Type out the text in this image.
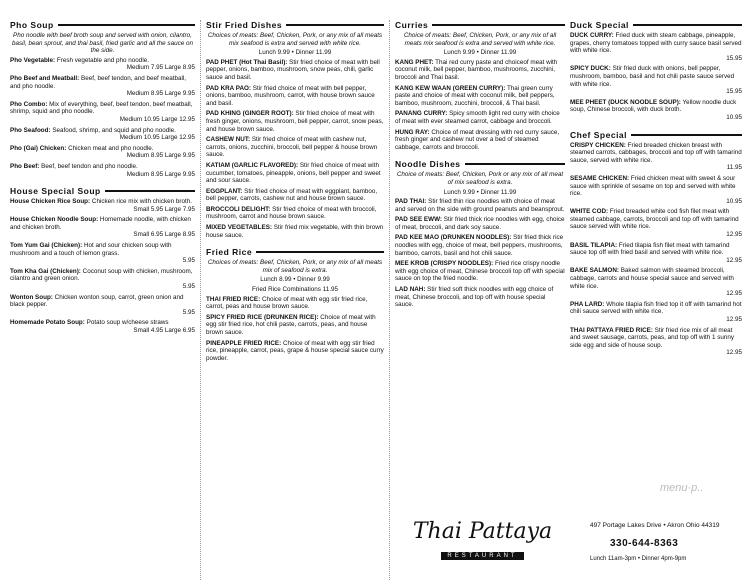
Pho Soup
Pho noodle with beef broth soup and served with onion, cilantro, basil, bean sprout, and thai basil, fried garlic and all the sauce on the side.
Pho Vegetable: Fresh vegetable and pho noodle.
Medium 7.95 Large 8.95
Pho Beef and Meatball: Beef, beef tendon, and beef meatball, and pho noodle.
Medium 8.95 Large 9.95
Pho Combo: Mix of everything, beef, beef tendon, beef meatball, shrimp, squid and pho noodle.
Medium 10.95 Large 12.95
Pho Seafood: Seafood, shrimp, and squid and pho noodle.
Medium 10.95 Large 12.95
Pho (Gai) Chicken: Chicken meat and pho noodle.
Medium 8.95 Large 9.95
Pho Beef: Beef, beef tendon and pho noodle.
Medium 8.95 Large 9.95
House Special Soup
House Chicken Rice Soup: Chicken rice mix with chicken broth.
Small 5.95 Large 7.95
House Chicken Noodle Soup: Homemade noodle, with chicken and chicken broth.
Small 6.95 Large 8.95
Tom Yum Gai (Chicken): Hot and sour chicken soup with mushroom and a touch of lemon grass.
5.95
Tom Kha Gai (Chicken): Coconut soup with chicken, mushroom, cilantro and green onion.
5.95
Wonton Soup: Chicken wonton soup, carrot, green onion and black pepper.
5.95
Homemade Potato Soup: Potato soup w/cheese straws
Small 4.95 Large 6.95
Stir Fried Dishes
Choices of meats: Beef, Chicken, Pork, or any mix of all meats mix seafood is extra and served with white rice.
Lunch 9.99 • Dinner 11.99
PAD PHET (Hot Thai Basil): Stir fried choice of meat with bell pepper, onions, bamboo, mushroom, snow peas, chili, garlic sauce and basil.
PAD KRA PAO: Stir fried choice of meat with bell pepper, onions, bamboo, mushroom, carrot, with house brown sauce and basil.
PAD KHING (GINGER ROOT): Stir fried choice of meat with fresh ginger, onions, mushroom, bell pepper, carrot, snow peas, and house brown sauce.
CASHEW NUT: Stir fried choice of meat with cashew nut, carrots, onions, zucchini, broccoli, bell pepper & house brown sauce.
KATIAM (GARLIC FLAVORED): Stir fried choice of meat with cucumber, tomatoes, pineapple, onions, bell pepper and sweet and sour sauce.
EGGPLANT: Stir fried choice of meat with eggplant, bamboo, bell pepper, carrots, cashew nut and house brown sauce.
BROCCOLI DELIGHT: Stir fried choice of meat with broccoli, mushroom, carrot and house brown sauce.
MIXED VEGETABLES: Stir fried mix vegetable, with thin brown house sauce.
Fried Rice
Choices of meats: Beef, Chicken, Pork, or any mix of all meats mix of seafood is extra.
Lunch 8.99 • Dinner 9.99
Fried Rice Combinations 11.95
THAI FRIED RICE: Choice of meat with egg stir fried rice, carrot, peas and house brown sauce.
SPICY FRIED RICE (DRUNKEN RICE): Choice of meat with egg stir fried rice, hot chili paste, carrots, peas, and house brown sauce.
PINEAPPLE FRIED RICE: Choice of meat with egg stir fried rice, pineapple, carrot, peas, grape & house special sauce curry powder.
Curries
Choice of meats: Beef, Chicken, Pork, or any mix of all meats mix seafood is extra and served with white rice.
Lunch 9.99 • Dinner 11.99
KANG PHET: Thai red curry paste and choiceof meat with coconut milk, bell pepper, bamboo, mushrooms, zucchini, broccoli and Thai basil.
KANG KEW WAAN (GREEN CURRY): Thai green curry paste and choice of meat with coconut milk, bell peppers, bamboo, mushroom, zucchini, broccoli, & Thai basil.
PANANG CURRY: Spicy smooth light red curry with choice of meat with ever steamed carrot, cabbage and broccoli.
HUNG RAY: Choice of meat dressing with red curry sauce, fresh ginger and cashew nut over a bed of steamed cabbage, carrots and broccoli.
Noodle Dishes
Choice of meats: Beef, Chicken, Pork or any mix of all meat of mix seafood is extra.
Lunch 9.99 • Dinner 11.99
PAD THAI: Stir fried thin rice noodles with choice of meat and served on the side with ground peanuts and beansprout.
PAD SEE EWW: Stir fried thick rice noodles with egg, choice of meat, broccoli, and dark soy sauce.
PAD KEE MAO (DRUNKEN NOODLES): Stir fried thick rice noodles with egg, choice of meat, bell peppers, mushrooms, bamboo, carrots, basil and hot chili sauce.
MEE KROB (CRISPY NOODLES): Fried rice crispy noodle with egg choice of meat, Chinese broccoli top off with special sauce on top the fried noodle.
LAD NAH: Stir fried soft thick noodles with egg choice of meat, Chinese broccoli, and top off with house special sauce.
Duck Special
DUCK CURRY: Fried duck with steam cabbage, pineapple, grapes, cherry tomatoes topped with curry sauce basil served with white rice.
15.95
SPICY DUCK: Stir fried duck with onions, bell pepper, mushroom, bamboo, basil and hot chili paste sauce served with white rice.
15.95
MEE PHEET (DUCK NOODLE SOUP): Yellow noodle duck soup, Chinese broccoli, with duck broth.
10.95
Chef Special
CRISPY CHICKEN: Fried breaded chicken breast with steamed carrots, cabbages, broccoli and top off with tamarind sauce, served with white rice.
11.95
SESAME CHICKEN: Fried chicken meat with sweet & sour sauce with sprinkle of sesame on top and served with white rice.
10.95
WHITE COD: Fried breaded white cod fish filet meat with steamed cabbage, carrots, broccoli and top off with tamarind sauce served with white rice.
12.95
BASIL TILAPIA: Fried tilapia fish filet meat with tamarind sauce top off with fried basil and served with white rice.
12.95
BAKE SALMON: Baked salmon with steamed broccoli, cabbage, carrots and house special sauce and served with white rice.
12.95
PHA LARD: Whole tilapia fish fried top it off with tamarind hot chili sauce served with white rice.
12.95
THAI PATTAYA FRIED RICE: Stir fried rice mix of all meat and sweet sausage, carrots, peas, and top off with 1 sunny side egg and side of house soup.
12.95
menu·p..
Thai Pattaya
RESTAURANT
497 Portage Lakes Drive • Akron Ohio 44319
330-644-8363
Lunch 11am-3pm • Dinner 4pm-9pm
